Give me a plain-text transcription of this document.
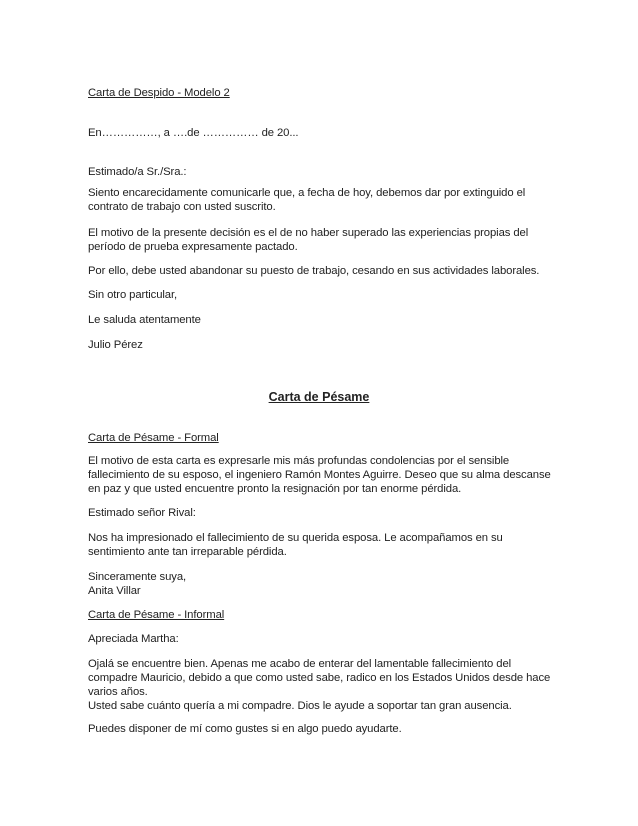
Carta de Despido - Modelo 2
En……………, a ….de …………… de 20...
Estimado/a Sr./Sra.:
Siento encarecidamente comunicarle que, a fecha de hoy, debemos dar por extinguido el
contrato de trabajo con usted suscrito.
El motivo de la presente decisión es el de no haber superado las experiencias propias del
período de prueba expresamente pactado.
Por ello, debe usted abandonar su puesto de trabajo, cesando en sus actividades laborales.
Sin otro particular,
Le saluda atentamente
Julio Pérez
Carta de Pésame
Carta de Pésame - Formal
El motivo de esta carta es expresarle mis más profundas condolencias por el sensible
fallecimiento de su esposo, el ingeniero Ramón Montes Aguirre. Deseo que su alma descanse
en paz y que usted encuentre pronto la resignación por tan enorme pérdida.
Estimado señor Rival:
Nos ha impresionado el fallecimiento de su querida esposa. Le acompañamos en su
sentimiento ante tan irreparable pérdida.
Sinceramente suya,
Anita Villar
Carta de Pésame - Informal
Apreciada Martha:
Ojalá se encuentre bien. Apenas me acabo de enterar del lamentable fallecimiento del
compadre Mauricio, debido a que como usted sabe, radico en los Estados Unidos desde hace
varios años.
Usted sabe cuánto quería a mi compadre. Dios le ayude a soportar tan gran ausencia.
Puedes disponer de mí como gustes si en algo puedo ayudarte.
